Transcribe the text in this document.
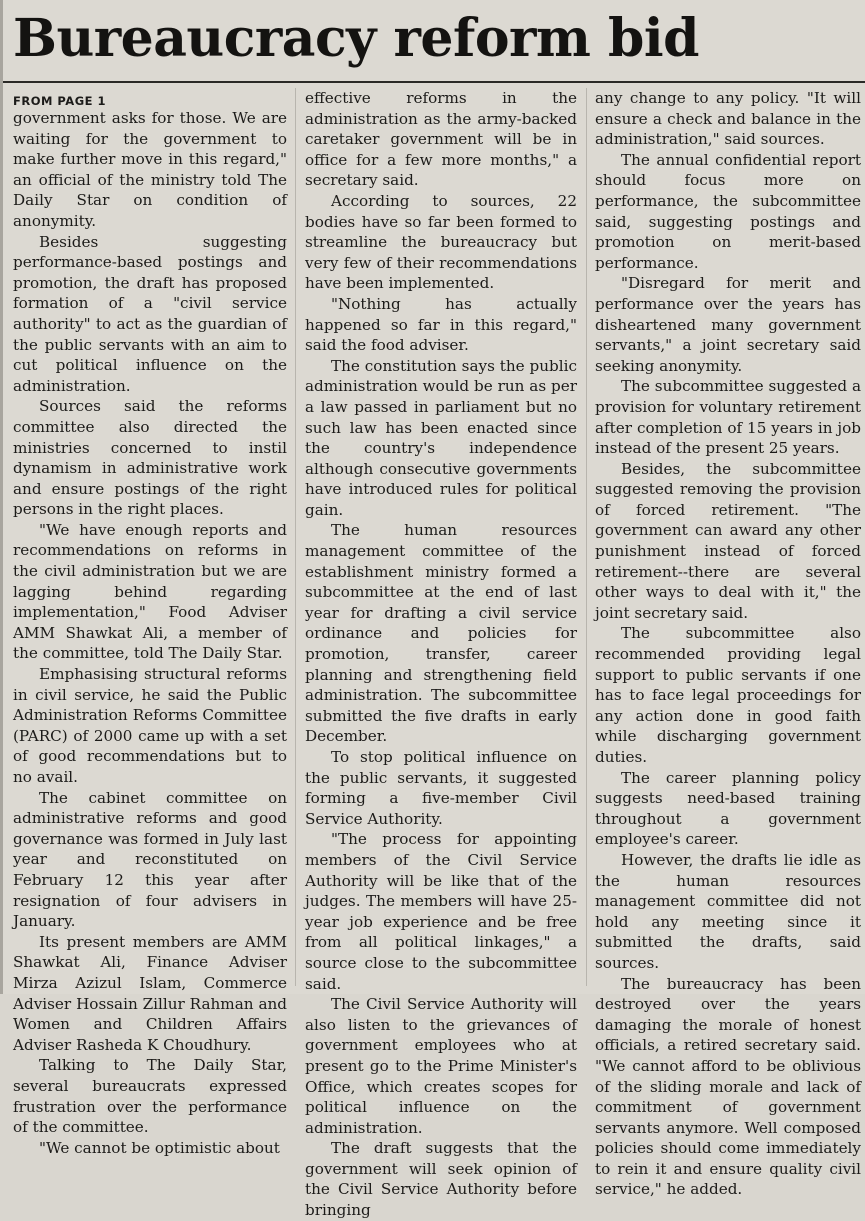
Bureaucracy reform bid
FROM PAGE 1

government asks for those. We are waiting for the government to make further move in this regard," an official of the ministry told The Daily Star on condition of anonymity.

Besides suggesting performance-based postings and promotion, the draft has proposed formation of a "civil service authority" to act as the guardian of the public servants with an aim to cut political influence on the administration.

Sources said the reforms committee also directed the ministries concerned to instil dynamism in administrative work and ensure postings of the right persons in the right places.

"We have enough reports and recommendations on reforms in the civil administration but we are lagging behind regarding implementation," Food Adviser AMM Shawkat Ali, a member of the committee, told The Daily Star.

Emphasising structural reforms in civil service, he said the Public Administration Reforms Committee (PARC) of 2000 came up with a set of good recommendations but to no avail.

The cabinet committee on administrative reforms and good governance was formed in July last year and reconstituted on February 12 this year after resignation of four advisers in January.

Its present members are AMM Shawkat Ali, Finance Adviser Mirza Azizul Islam, Commerce Adviser Hossain Zillur Rahman and Women and Children Affairs Adviser Rasheda K Choudhury.

Talking to The Daily Star, several bureaucrats expressed frustration over the performance of the committee.

"We cannot be optimistic about

effective reforms in the administration as the army-backed caretaker government will be in office for a few more months," a secretary said.

According to sources, 22 bodies have so far been formed to streamline the bureaucracy but very few of their recommendations have been implemented.

"Nothing has actually happened so far in this regard," said the food adviser.

The constitution says the public administration would be run as per a law passed in parliament but no such law has been enacted since the country's independence although consecutive governments have introduced rules for political gain.

The human resources management committee of the establishment ministry formed a subcommittee at the end of last year for drafting a civil service ordinance and policies for promotion, transfer, career planning and strengthening field administration. The subcommittee submitted the five drafts in early December.

To stop political influence on the public servants, it suggested forming a five-member Civil Service Authority.

"The process for appointing members of the Civil Service Authority will be like that of the judges. The members will have 25-year job experience and be free from all political linkages," a source close to the subcommittee said.

The Civil Service Authority will also listen to the grievances of government employees who at present go to the Prime Minister's Office, which creates scopes for political influence on the administration.

The draft suggests that the government will seek opinion of the Civil Service Authority before bringing

any change to any policy. "It will ensure a check and balance in the administration," said sources.

The annual confidential report should focus more on performance, the subcommittee said, suggesting postings and promotion on merit-based performance.

"Disregard for merit and performance over the years has disheartened many government servants," a joint secretary said seeking anonymity.

The subcommittee suggested a provision for voluntary retirement after completion of 15 years in job instead of the present 25 years.

Besides, the subcommittee suggested removing the provision of forced retirement. "The government can award any other punishment instead of forced retirement--there are several other ways to deal with it," the joint secretary said.

The subcommittee also recommended providing legal support to public servants if one has to face legal proceedings for any action done in good faith while discharging government duties.

The career planning policy suggests need-based training throughout a government employee's career.

However, the drafts lie idle as the human resources management committee did not hold any meeting since it submitted the drafts, said sources.

The bureaucracy has been destroyed over the years damaging the morale of honest officials, a retired secretary said. "We cannot afford to be oblivious of the sliding morale and lack of commitment of government servants anymore. Well composed policies should come immediately to rein it and ensure quality civil service," he added.
